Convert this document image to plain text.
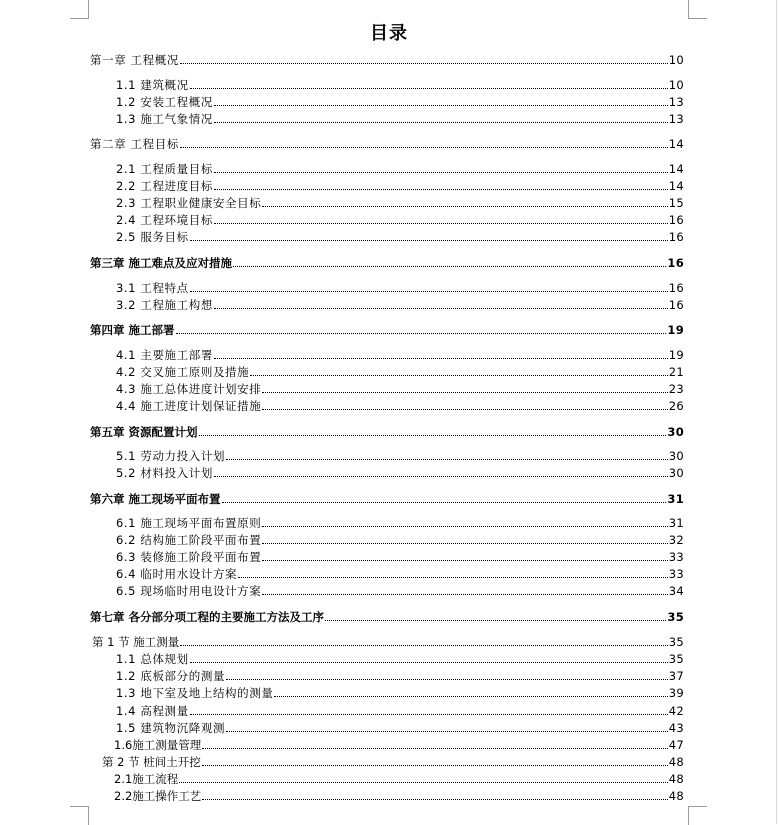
目录
第一章 工程概况	10
1.1 建筑概况	10
1.2 安装工程概况	13
1.3 施工气象情况	13
第二章 工程目标	14
2.1 工程质量目标	14
2.2 工程进度目标	14
2.3 工程职业健康安全目标	15
2.4 工程环境目标	16
2.5 服务目标	16
第三章 施工难点及应对措施	16
3.1 工程特点	16
3.2 工程施工构想	16
第四章 施工部署	19
4.1 主要施工部署	19
4.2 交叉施工原则及措施	21
4.3 施工总体进度计划安排	23
4.4 施工进度计划保证措施	26
第五章 资源配置计划	30
5.1 劳动力投入计划	30
5.2 材料投入计划	30
第六章 施工现场平面布置	31
6.1 施工现场平面布置原则	31
6.2 结构施工阶段平面布置	32
6.3 装修施工阶段平面布置	33
6.4 临时用水设计方案	33
6.5 现场临时用电设计方案	34
第七章 各分部分项工程的主要施工方法及工序	35
第 1 节 施工测量	35
1.1 总体规划	35
1.2 底板部分的测量	37
1.3 地下室及地上结构的测量	39
1.4 高程测量	42
1.5 建筑物沉降观测	43
1.6施工测量管理	47
第 2 节 桩间土开挖	48
2.1施工流程	48
2.2施工操作工艺	48
